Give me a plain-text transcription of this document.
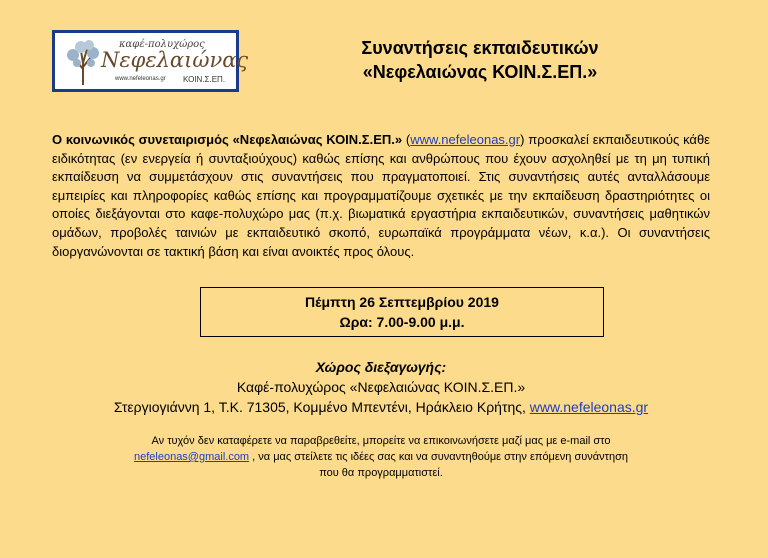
καφέ-πολυχώρος
Νεφελαιώνας
www.nefeleonas.gr ΚΟΙΝ.Σ.ΕΠ.
Συναντήσεις εκπαιδευτικών
«Νεφελαιώνας ΚΟΙΝ.Σ.ΕΠ.»
Ο κοινωνικός συνεταιρισμός «Νεφελαιώνας ΚΟΙΝ.Σ.ΕΠ.» (www.nefeleonas.gr) προσκαλεί εκπαιδευτικούς κάθε ειδικότητας (εν ενεργεία ή συνταξιούχους) καθώς επίσης και ανθρώπους που έχουν ασχοληθεί με τη μη τυπική εκπαίδευση να συμμετάσχουν στις συναντήσεις που πραγματοποιεί. Στις συναντήσεις αυτές ανταλλάσουμε εμπειρίες και πληροφορίες καθώς επίσης και προγραμματίζουμε σχετικές με την εκπαίδευση δραστηριότητες οι οποίες διεξάγονται στο καφε-πολυχώρο μας (π.χ. βιωματικά εργαστήρια εκπαιδευτικών, συναντήσεις μαθητικών ομάδων, προβολές ταινιών με εκπαιδευτικό σκοπό, ευρωπαϊκά προγράμματα νέων, κ.α.). Οι συναντήσεις διοργανώνονται σε τακτική βάση και είναι ανοικτές προς όλους.
Πέμπτη 26 Σεπτεμβρίου 2019
Ωρα: 7.00-9.00 μ.μ.
Χώρος διεξαγωγής:
Καφέ-πολυχώρος «Νεφελαιώνας ΚΟΙΝ.Σ.ΕΠ.»
Στεργιογιάννη 1, Τ.Κ. 71305, Κομμένο Μπεντένι, Ηράκλειο Κρήτης, www.nefeleonas.gr
Αν τυχόν δεν καταφέρετε να παραβρεθείτε, μπορείτε να επικοινωνήσετε μαζί μας με e-mail στο
nefeleonas@gmail.com , να μας στείλετε τις ιδέες σας και να συναντηθούμε στην επόμενη συνάντηση
που θα προγραμματιστεί.
